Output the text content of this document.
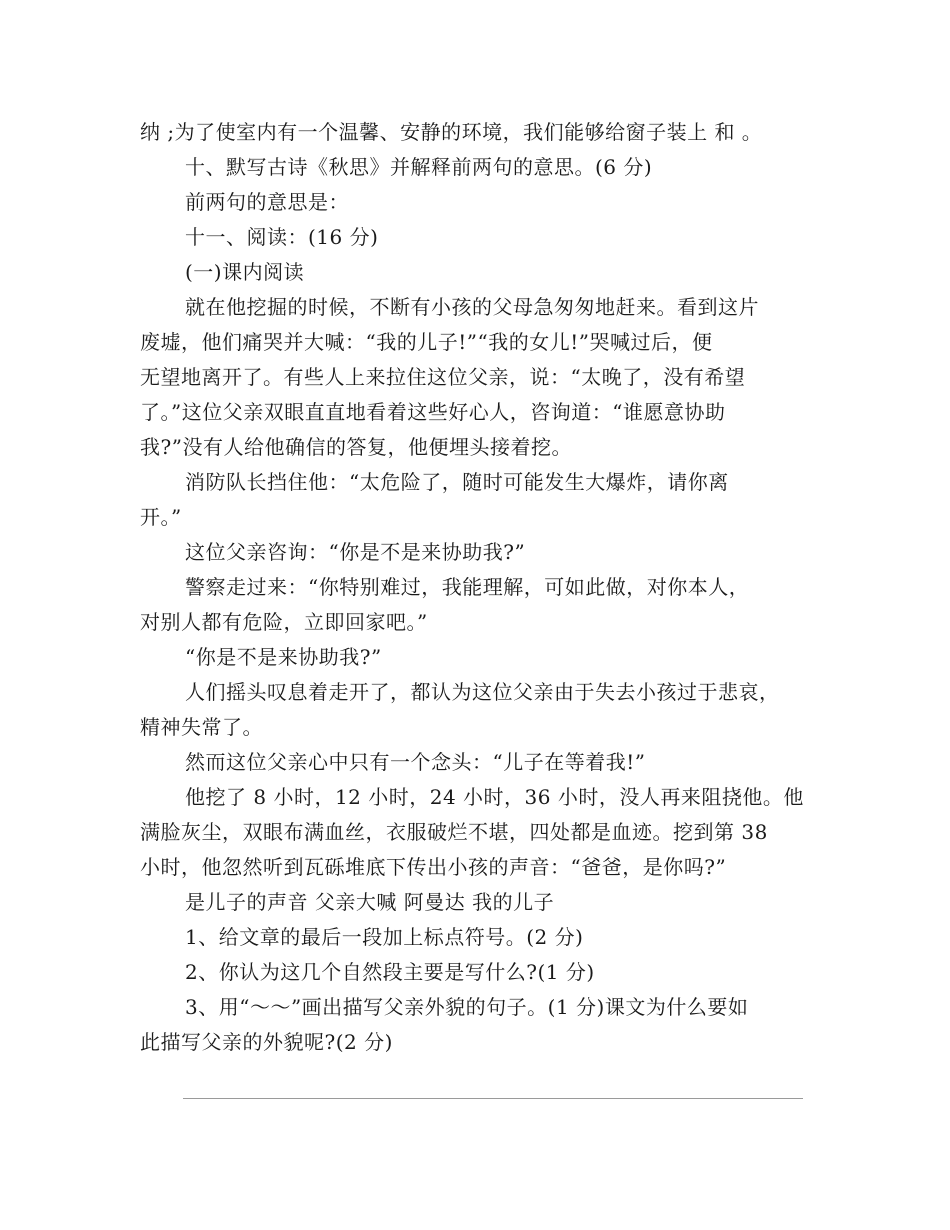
纳 ;为了使室内有一个温馨、安静的环境，我们能够给窗子装上 和 。

十、默写古诗《秋思》并解释前两句的意思。(6 分)

前两句的意思是：

十一、阅读：(16 分)

(一)课内阅读

就在他挖掘的时候，不断有小孩的父母急匆匆地赶来。看到这片

废墟，他们痛哭并大喊：“我的儿子!”“我的女儿!”哭喊过后，便
无望地离开了。有些人上来拉住这位父亲，说：“太晚了，没有希望
了。”这位父亲双眼直直地看着这些好心人，咨询道：“谁愿意协助
我?”没有人给他确信的答复，他便埋头接着挖。

消防队长挡住他：“太危险了，随时可能发生大爆炸，请你离

开。”

这位父亲咨询：“你是不是来协助我?”

警察走过来：“你特别难过，我能理解，可如此做，对你本人，

对别人都有危险，立即回家吧。”

“你是不是来协助我?”

人们摇头叹息着走开了，都认为这位父亲由于失去小孩过于悲哀，

精神失常了。

然而这位父亲心中只有一个念头：“儿子在等着我!”

他挖了 8 小时，12 小时，24 小时，36 小时，没人再来阻挠他。他

满脸灰尘，双眼布满血丝，衣服破烂不堪，四处都是血迹。挖到第 38
小时，他忽然听到瓦砾堆底下传出小孩的声音：“爸爸，是你吗?”

是儿子的声音 父亲大喊 阿曼达 我的儿子

1、给文章的最后一段加上标点符号。(2 分)

2、你认为这几个自然段主要是写什么?(1 分)

3、用“～～”画出描写父亲外貌的句子。(1 分)课文为什么要如

此描写父亲的外貌呢?(2 分)
